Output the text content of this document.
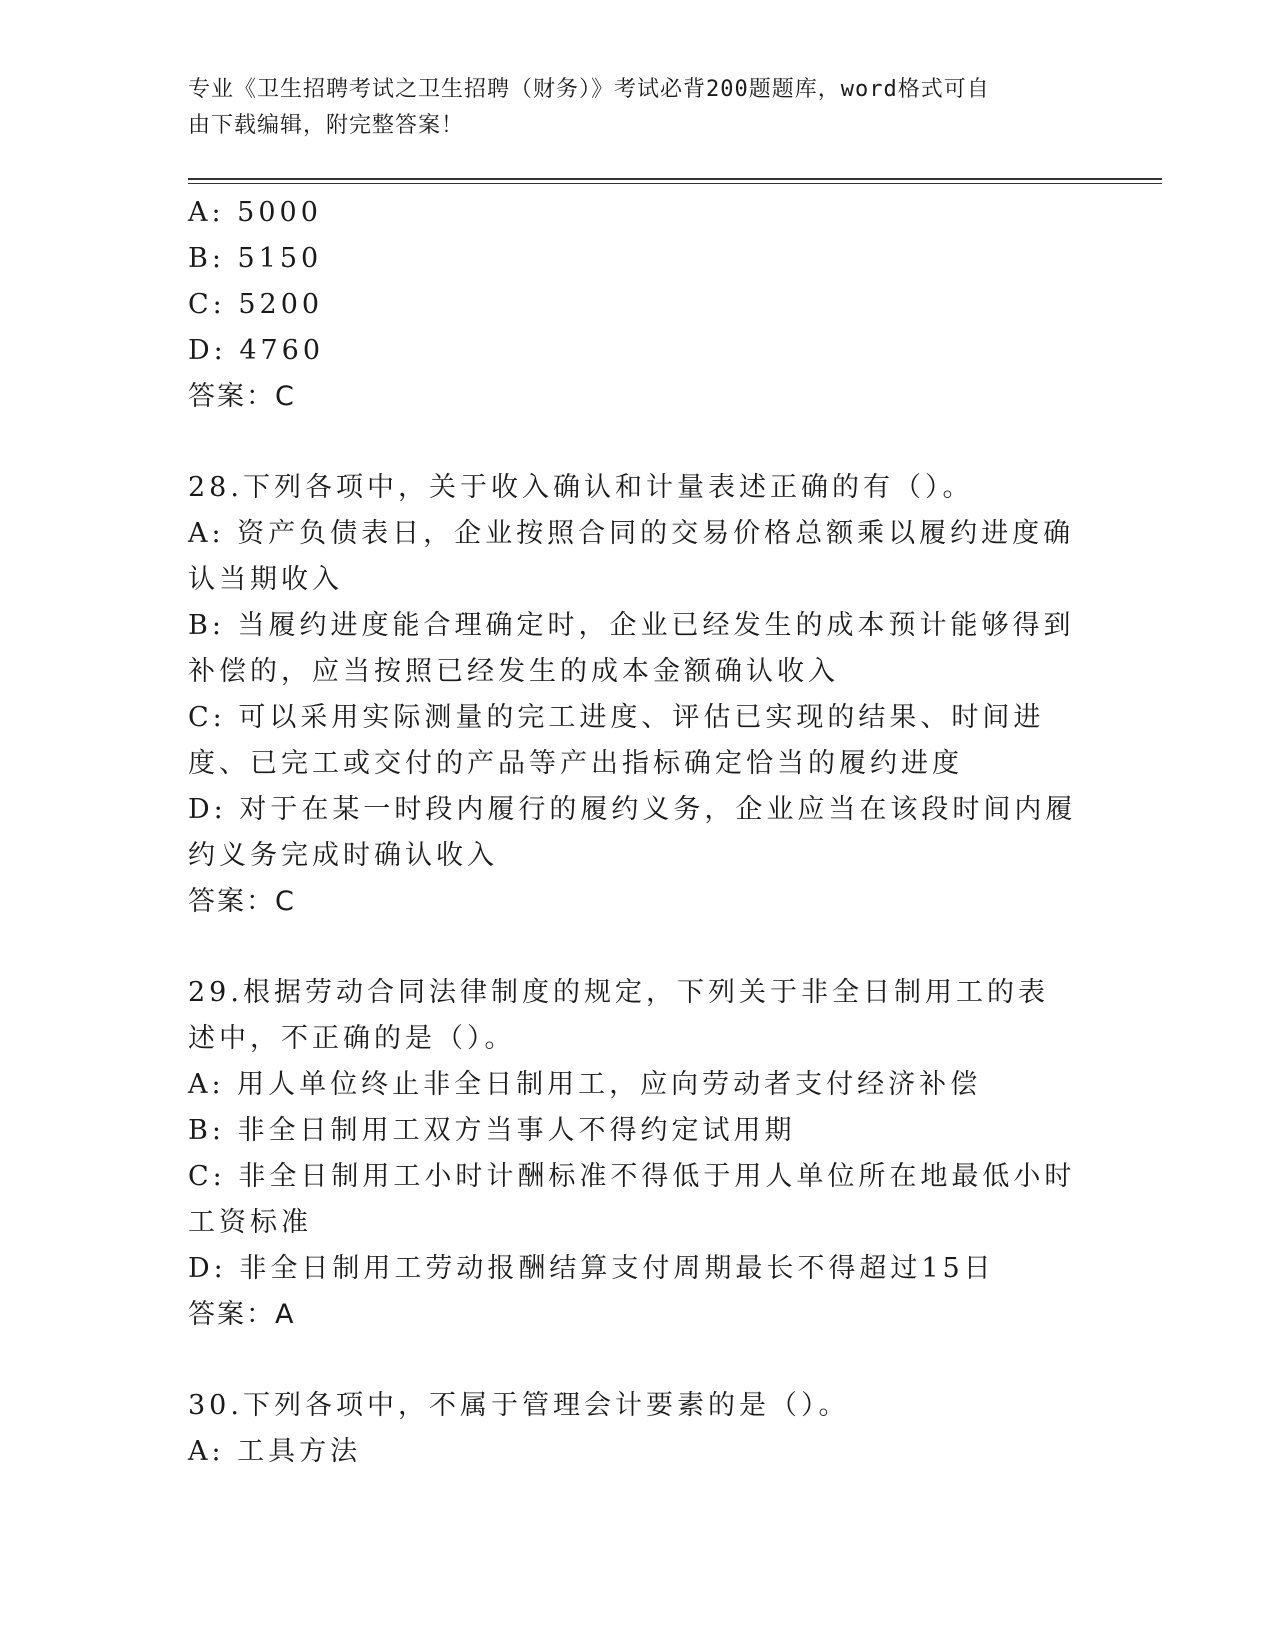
专业《卫生招聘考试之卫生招聘（财务）》考试必背200题题库，word格式可自
由下载编辑，附完整答案！
A: 5000
B: 5150
C: 5200
D: 4760
答案：C
28.下列各项中，关于收入确认和计量表述正确的有（）。
A: 资产负债表日，企业按照合同的交易价格总额乘以履约进度确认当期收入
B: 当履约进度能合理确定时，企业已经发生的成本预计能够得到补偿的，应当按照已经发生的成本金额确认收入
C: 可以采用实际测量的完工进度、评估已实现的结果、时间进度、已完工或交付的产品等产出指标确定恰当的履约进度
D: 对于在某一时段内履行的履约义务，企业应当在该段时间内履约义务完成时确认收入
答案：C
29.根据劳动合同法律制度的规定，下列关于非全日制用工的表述中，不正确的是（）。
A: 用人单位终止非全日制用工，应向劳动者支付经济补偿
B: 非全日制用工双方当事人不得约定试用期
C: 非全日制用工小时计酬标准不得低于用人单位所在地最低小时工资标准
D: 非全日制用工劳动报酬结算支付周期最长不得超过15日
答案：A
30.下列各项中，不属于管理会计要素的是（）。
A: 工具方法
